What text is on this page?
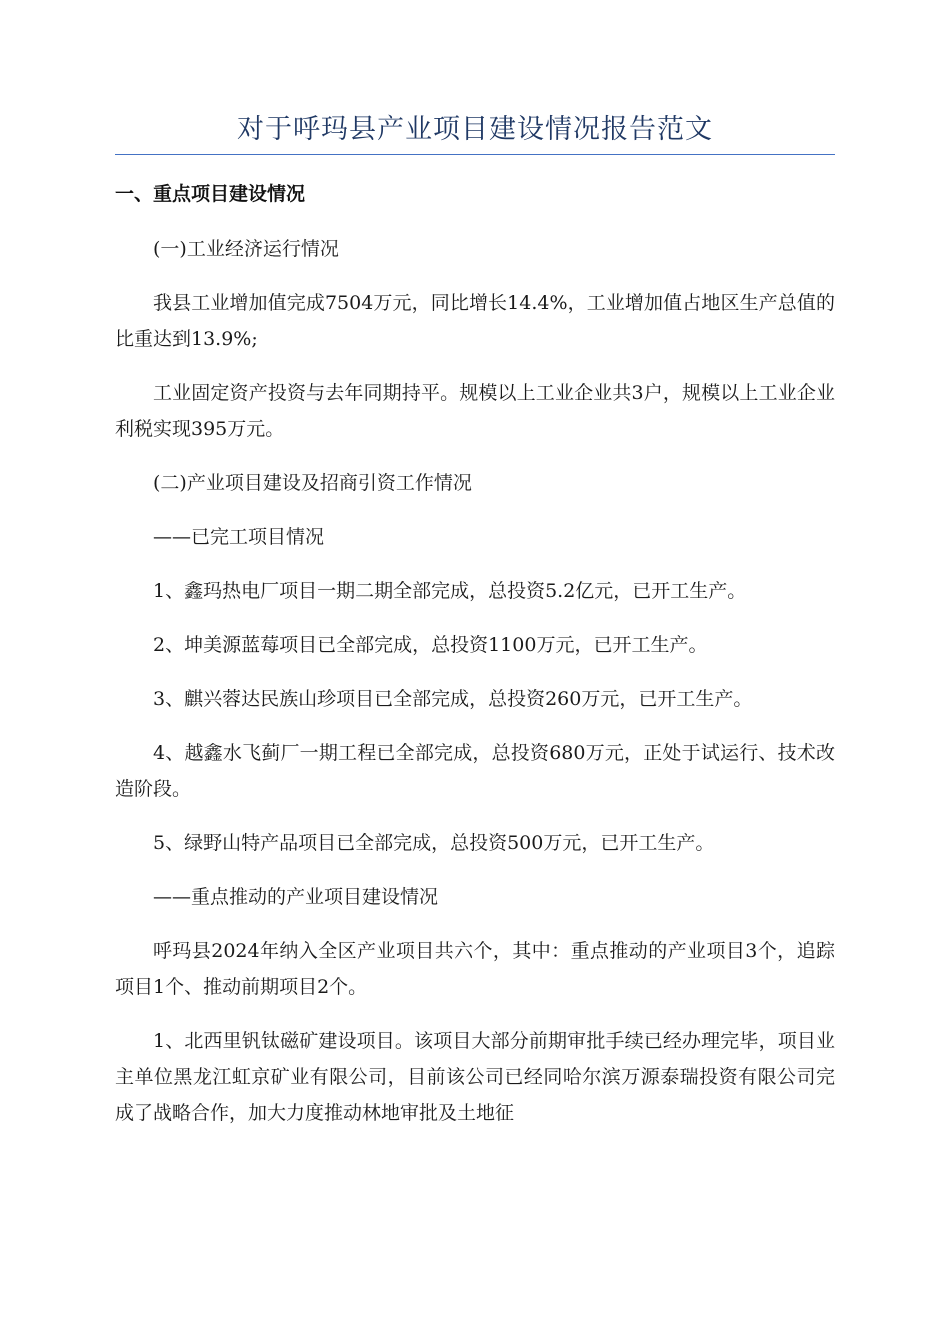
对于呼玛县产业项目建设情况报告范文
一、重点项目建设情况

(一)工业经济运行情况

我县工业增加值完成7504万元，同比增长14.4%，工业增加值占地区生产总值的比重达到13.9%;

工业固定资产投资与去年同期持平。规模以上工业企业共3户，规模以上工业企业利税实现395万元。

(二)产业项目建设及招商引资工作情况

——已完工项目情况

1、鑫玛热电厂项目一期二期全部完成，总投资5.2亿元，已开工生产。

2、坤美源蓝莓项目已全部完成，总投资1100万元，已开工生产。

3、麒兴蓉达民族山珍项目已全部完成，总投资260万元，已开工生产。

4、越鑫水飞蓟厂一期工程已全部完成，总投资680万元，正处于试运行、技术改造阶段。

5、绿野山特产品项目已全部完成，总投资500万元，已开工生产。

——重点推动的产业项目建设情况

呼玛县2024年纳入全区产业项目共六个，其中：重点推动的产业项目3个，追踪项目1个、推动前期项目2个。

1、北西里钒钛磁矿建设项目。该项目大部分前期审批手续已经办理完毕，项目业主单位黑龙江虹京矿业有限公司，目前该公司已经同哈尔滨万源泰瑞投资有限公司完成了战略合作，加大力度推动林地审批及土地征
